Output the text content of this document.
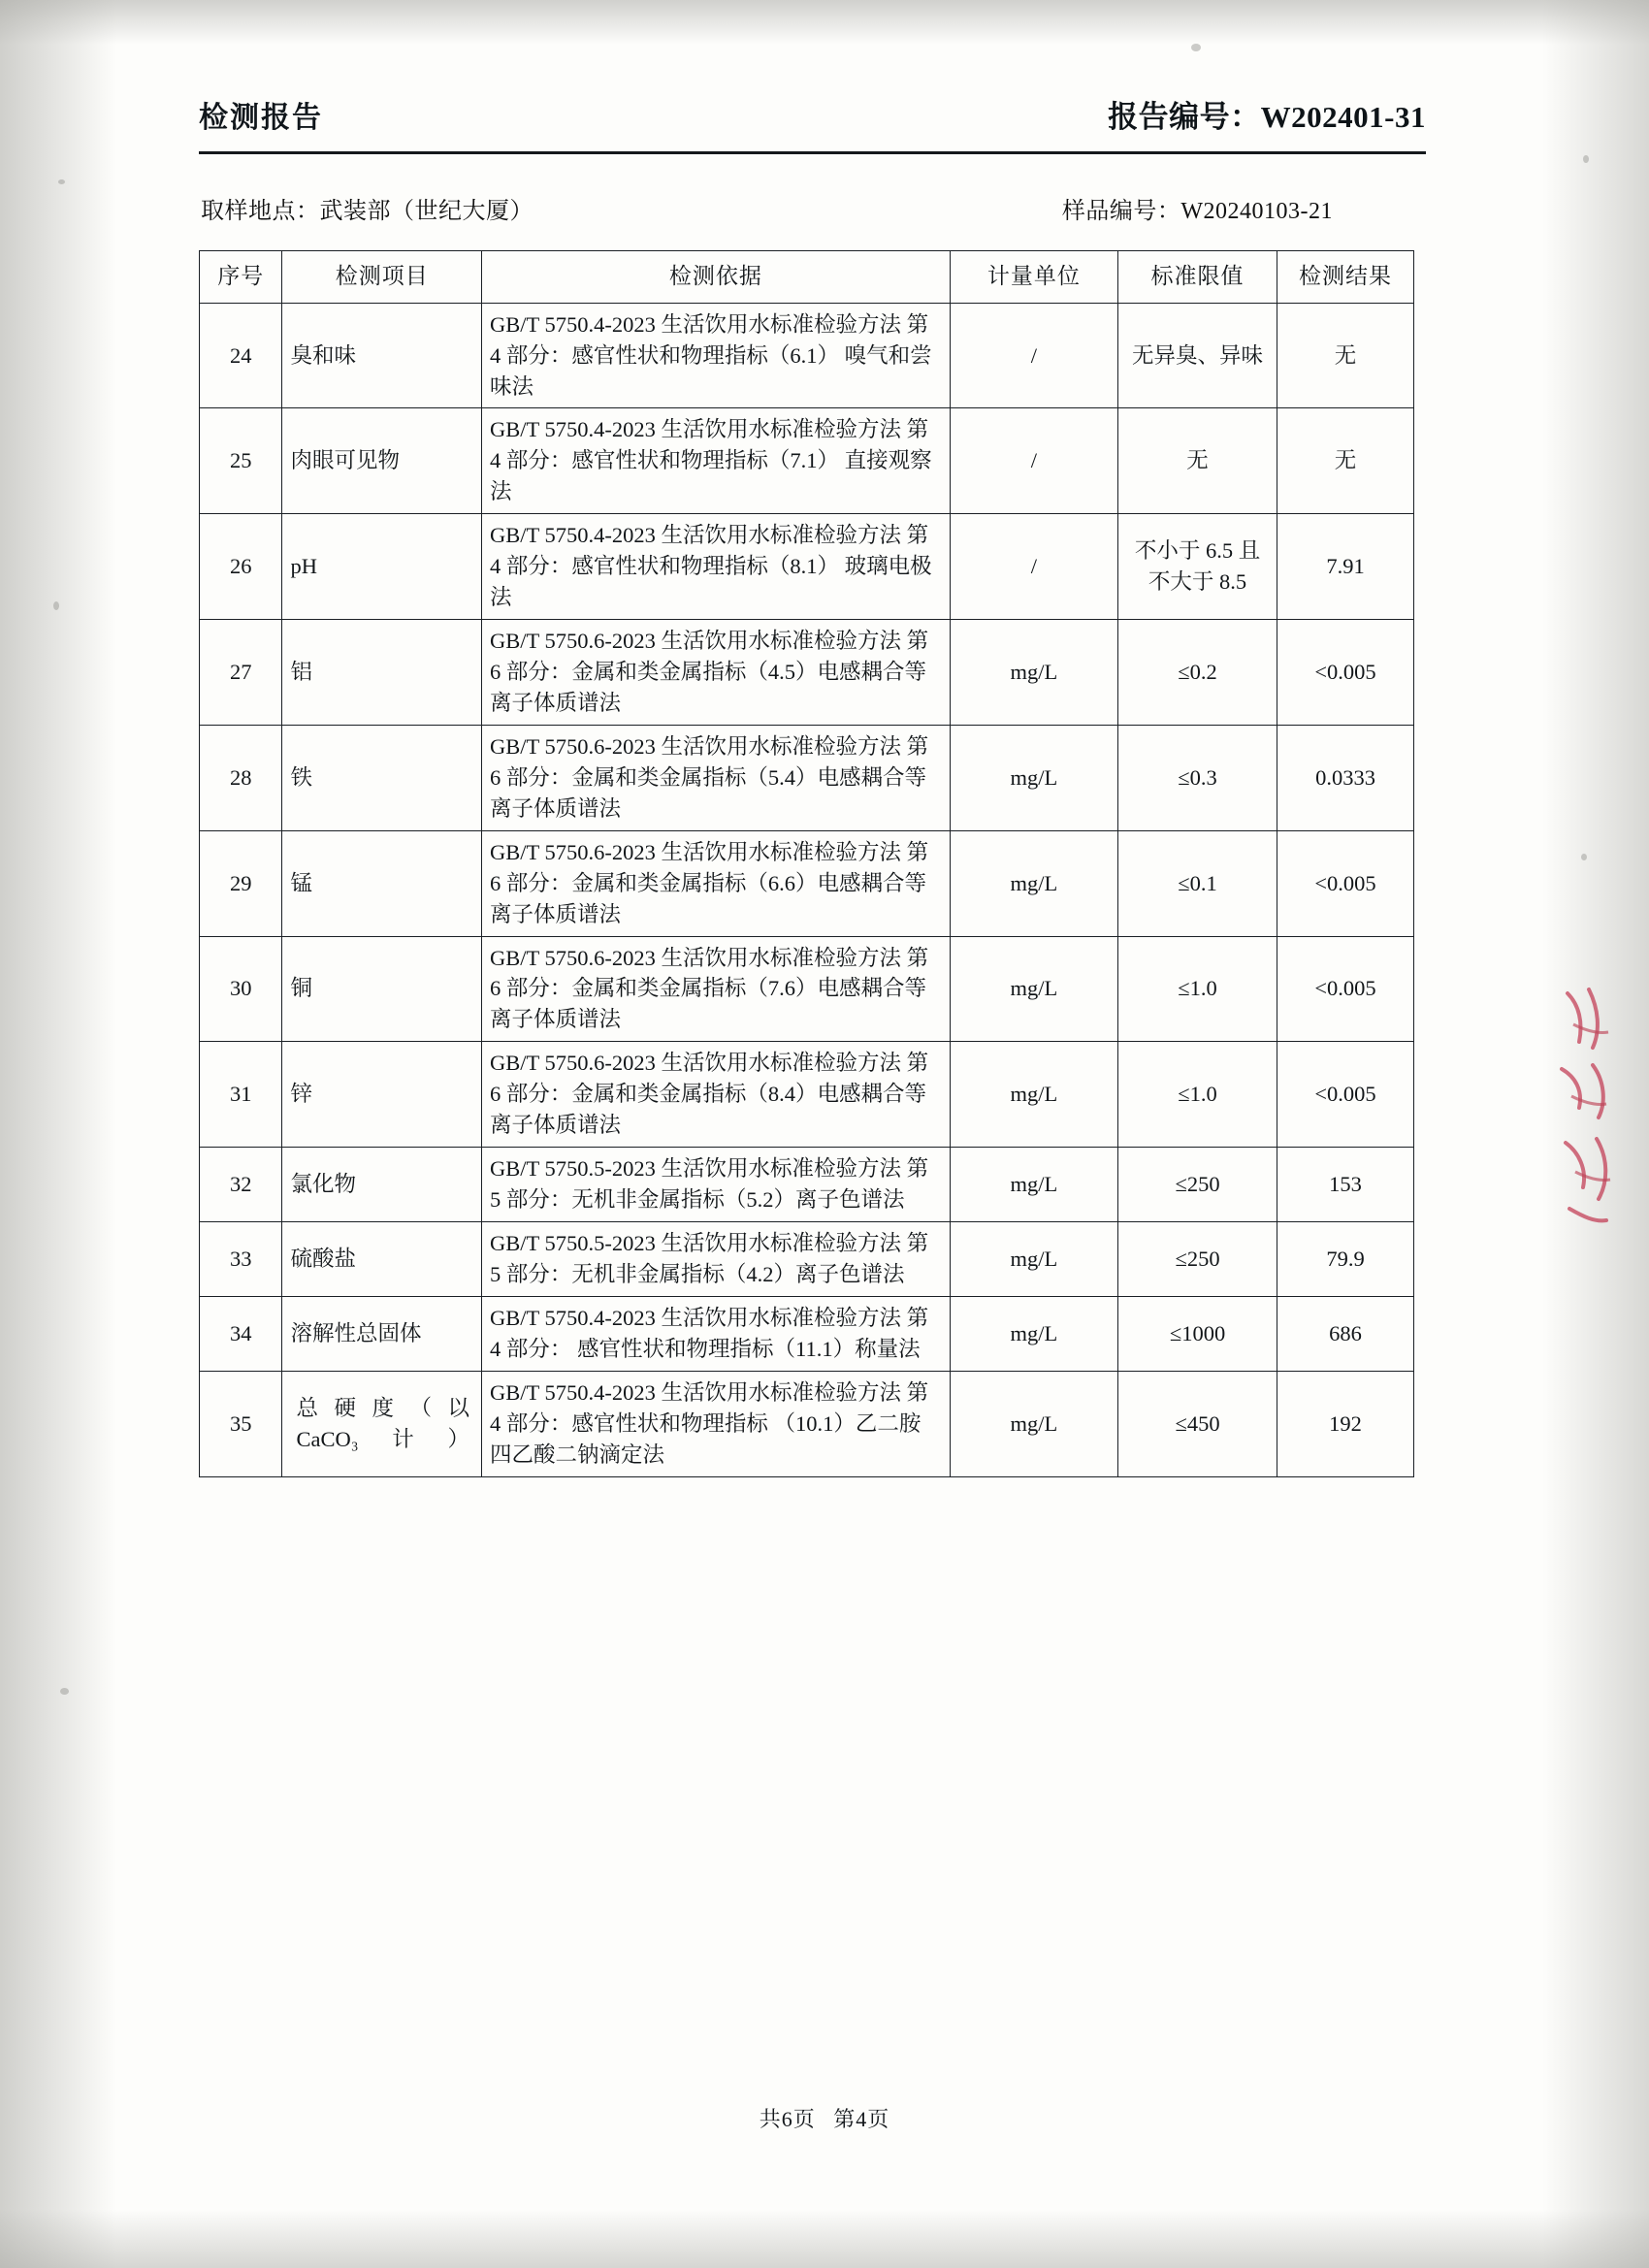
检测报告	报告编号：W202401-31
取样地点：武装部（世纪大厦）	样品编号：W20240103-21
序号	检测项目	检测依据	计量单位	标准限值	检测结果
24	臭和味	GB/T 5750.4-2023 生活饮用水标准检验方法 第 4 部分：感官性状和物理指标（6.1） 嗅气和尝味法	/	无异臭、异味	无
25	肉眼可见物	GB/T 5750.4-2023 生活饮用水标准检验方法 第 4 部分：感官性状和物理指标（7.1） 直接观察法	/	无	无
26	pH	GB/T 5750.4-2023 生活饮用水标准检验方法 第 4 部分：感官性状和物理指标（8.1） 玻璃电极法	/	不小于 6.5 且不大于 8.5	7.91
27	铝	GB/T 5750.6-2023 生活饮用水标准检验方法 第 6 部分：金属和类金属指标（4.5）电感耦合等离子体质谱法	mg/L	≤0.2	<0.005
28	铁	GB/T 5750.6-2023 生活饮用水标准检验方法 第 6 部分：金属和类金属指标（5.4）电感耦合等离子体质谱法	mg/L	≤0.3	0.0333
29	锰	GB/T 5750.6-2023 生活饮用水标准检验方法 第 6 部分：金属和类金属指标（6.6）电感耦合等离子体质谱法	mg/L	≤0.1	<0.005
30	铜	GB/T 5750.6-2023 生活饮用水标准检验方法 第 6 部分：金属和类金属指标（7.6）电感耦合等离子体质谱法	mg/L	≤1.0	<0.005
31	锌	GB/T 5750.6-2023 生活饮用水标准检验方法 第 6 部分：金属和类金属指标（8.4）电感耦合等离子体质谱法	mg/L	≤1.0	<0.005
32	氯化物	GB/T 5750.5-2023 生活饮用水标准检验方法 第 5 部分：无机非金属指标（5.2）离子色谱法	mg/L	≤250	153
33	硫酸盐	GB/T 5750.5-2023 生活饮用水标准检验方法 第 5 部分：无机非金属指标（4.2）离子色谱法	mg/L	≤250	79.9
34	溶解性总固体	GB/T 5750.4-2023 生活饮用水标准检验方法 第 4 部分： 感官性状和物理指标（11.1）称量法	mg/L	≤1000	686
35	总 硬 度 （ 以 CaCO₃计）	GB/T 5750.4-2023 生活饮用水标准检验方法 第 4 部分：感官性状和物理指标 （10.1）乙二胺四乙酸二钠滴定法	mg/L	≤450	192
共6页 第4页
